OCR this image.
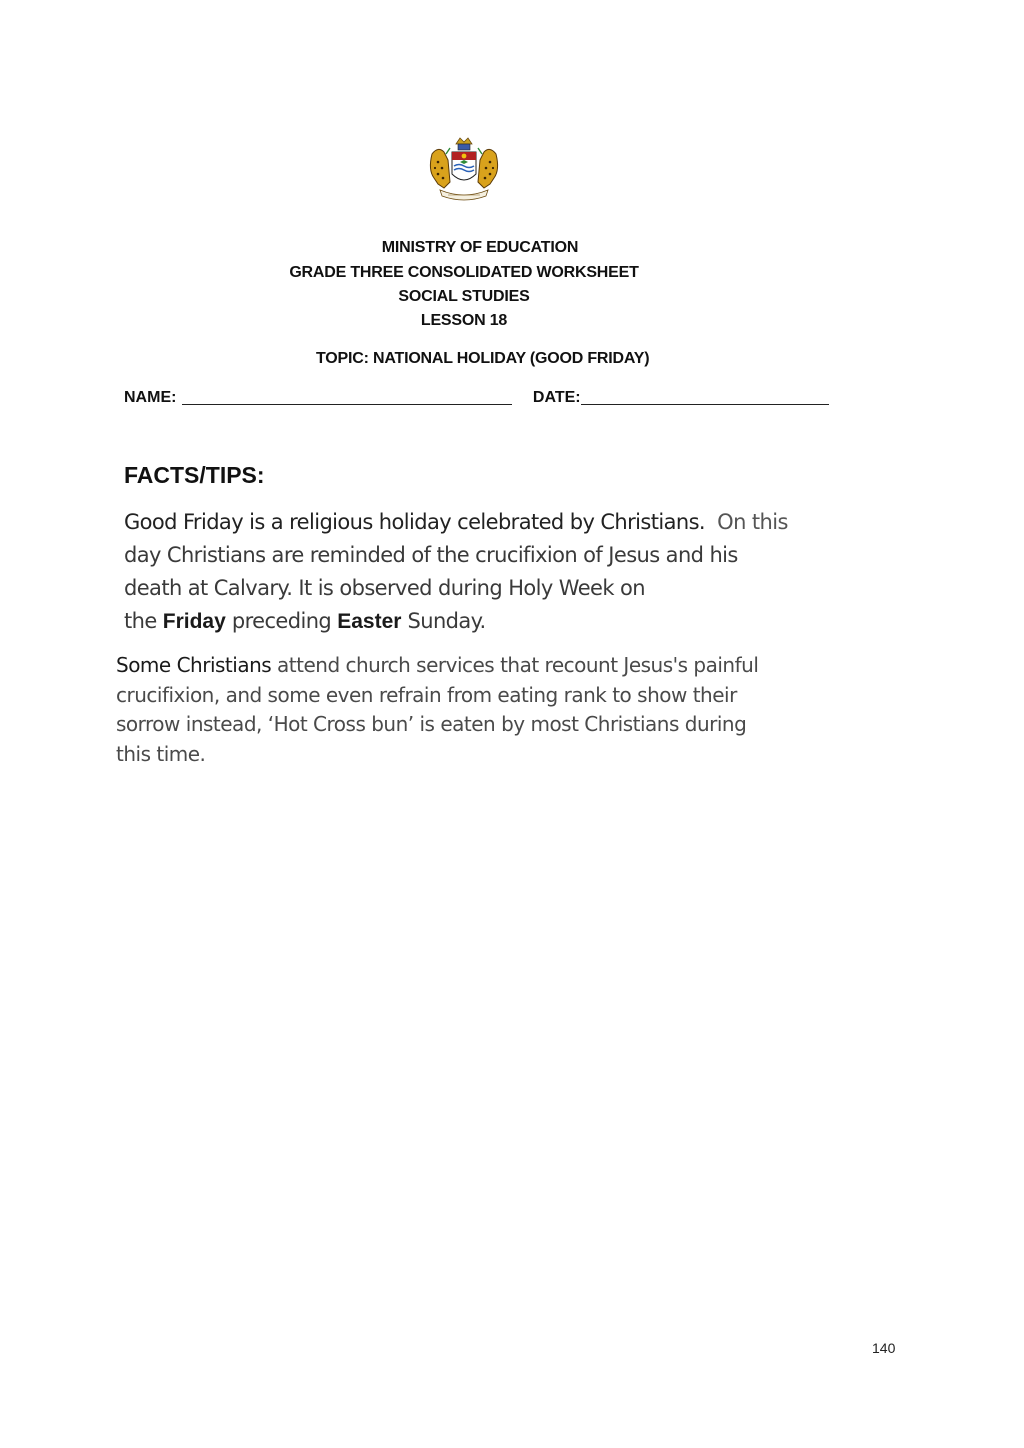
MINISTRY OF EDUCATION
GRADE THREE CONSOLIDATED WORKSHEET
SOCIAL STUDIES
LESSON 18
TOPIC: NATIONAL HOLIDAY (GOOD FRIDAY)
NAME:	DATE:
FACTS/TIPS:
Good Friday is a religious holiday celebrated by Christians.  On this
day Christians are reminded of the crucifixion of Jesus and his
death at Calvary. It is observed during Holy Week on
the Friday preceding Easter Sunday.
Some Christians attend church services that recount Jesus's painful
crucifixion, and some even refrain from eating rank to show their
sorrow instead, ‘Hot Cross bun’ is eaten by most Christians during
this time.
140
